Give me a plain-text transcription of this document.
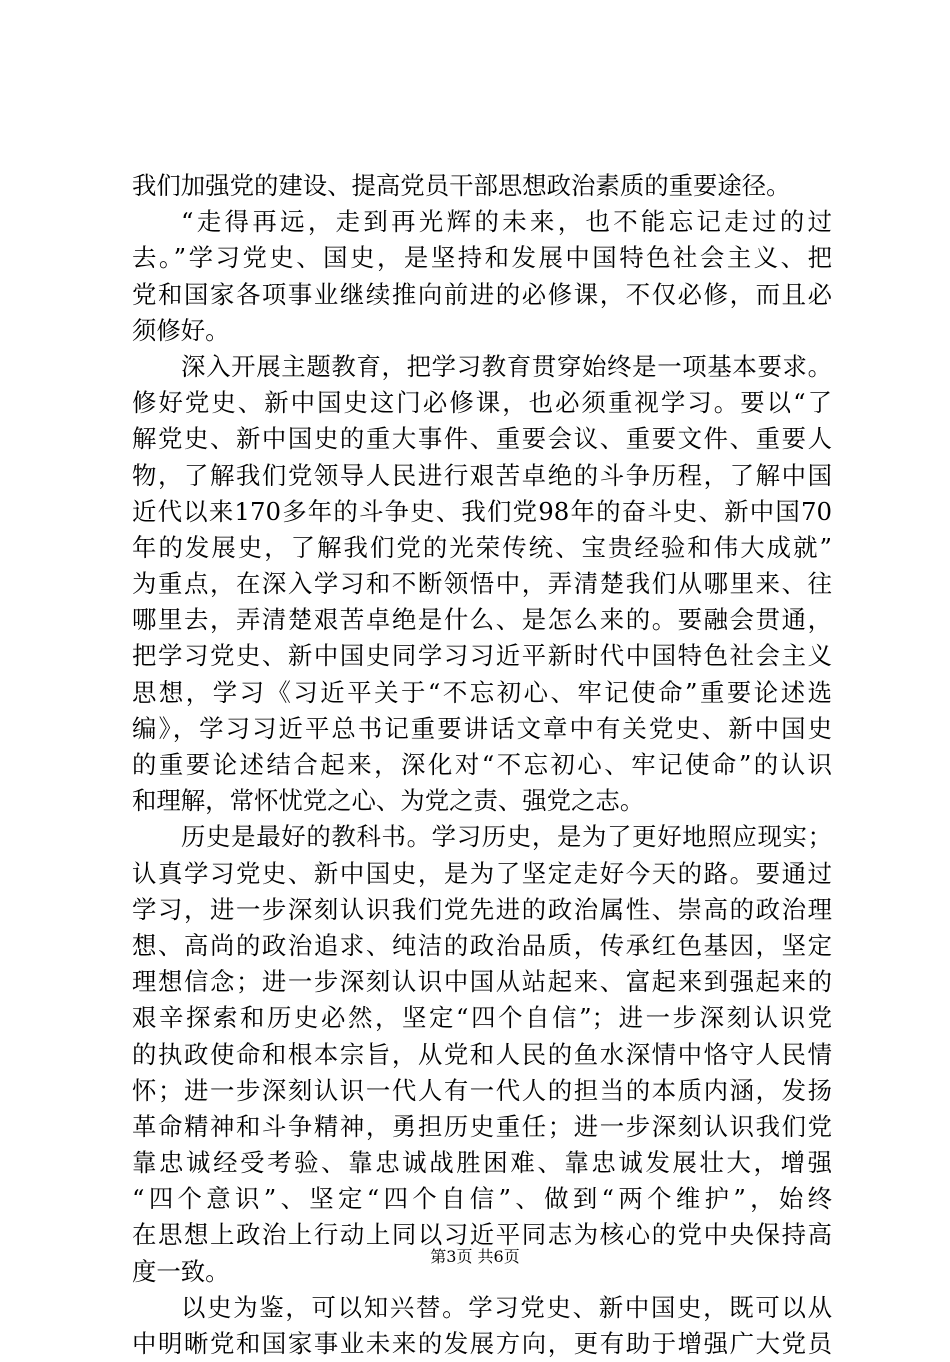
我们加强党的建设、提高党员干部思想政治素质的重要途径。
“走得再远，走到再光辉的未来，也不能忘记走过的过
去。”学习党史、国史，是坚持和发展中国特色社会主义、把
党和国家各项事业继续推向前进的必修课，不仅必修，而且必
须修好。
深入开展主题教育，把学习教育贯穿始终是一项基本要求。
修好党史、新中国史这门必修课，也必须重视学习。要以“了
解党史、新中国史的重大事件、重要会议、重要文件、重要人
物，了解我们党领导人民进行艰苦卓绝的斗争历程，了解中国
近代以来170多年的斗争史、我们党98年的奋斗史、新中国70
年的发展史，了解我们党的光荣传统、宝贵经验和伟大成就”
为重点，在深入学习和不断领悟中，弄清楚我们从哪里来、往
哪里去，弄清楚艰苦卓绝是什么、是怎么来的。要融会贯通，
把学习党史、新中国史同学习习近平新时代中国特色社会主义
思想，学习《习近平关于“不忘初心、牢记使命”重要论述选
编》，学习习近平总书记重要讲话文章中有关党史、新中国史
的重要论述结合起来，深化对“不忘初心、牢记使命”的认识
和理解，常怀忧党之心、为党之责、强党之志。
历史是最好的教科书。学习历史，是为了更好地照应现实；
认真学习党史、新中国史，是为了坚定走好今天的路。要通过
学习，进一步深刻认识我们党先进的政治属性、崇高的政治理
想、高尚的政治追求、纯洁的政治品质，传承红色基因，坚定
理想信念；进一步深刻认识中国从站起来、富起来到强起来的
艰辛探索和历史必然，坚定“四个自信”；进一步深刻认识党
的执政使命和根本宗旨，从党和人民的鱼水深情中恪守人民情
怀；进一步深刻认识一代人有一代人的担当的本质内涵，发扬
革命精神和斗争精神，勇担历史重任；进一步深刻认识我们党
靠忠诚经受考验、靠忠诚战胜困难、靠忠诚发展壮大，增强
“四个意识”、坚定“四个自信”、做到“两个维护”，始终
在思想上政治上行动上同以习近平同志为核心的党中央保持高
度一致。
以史为鉴，可以知兴替。学习党史、新中国史，既可以从
中明晰党和国家事业未来的发展方向，更有助于增强广大党员
第3页 共6页
